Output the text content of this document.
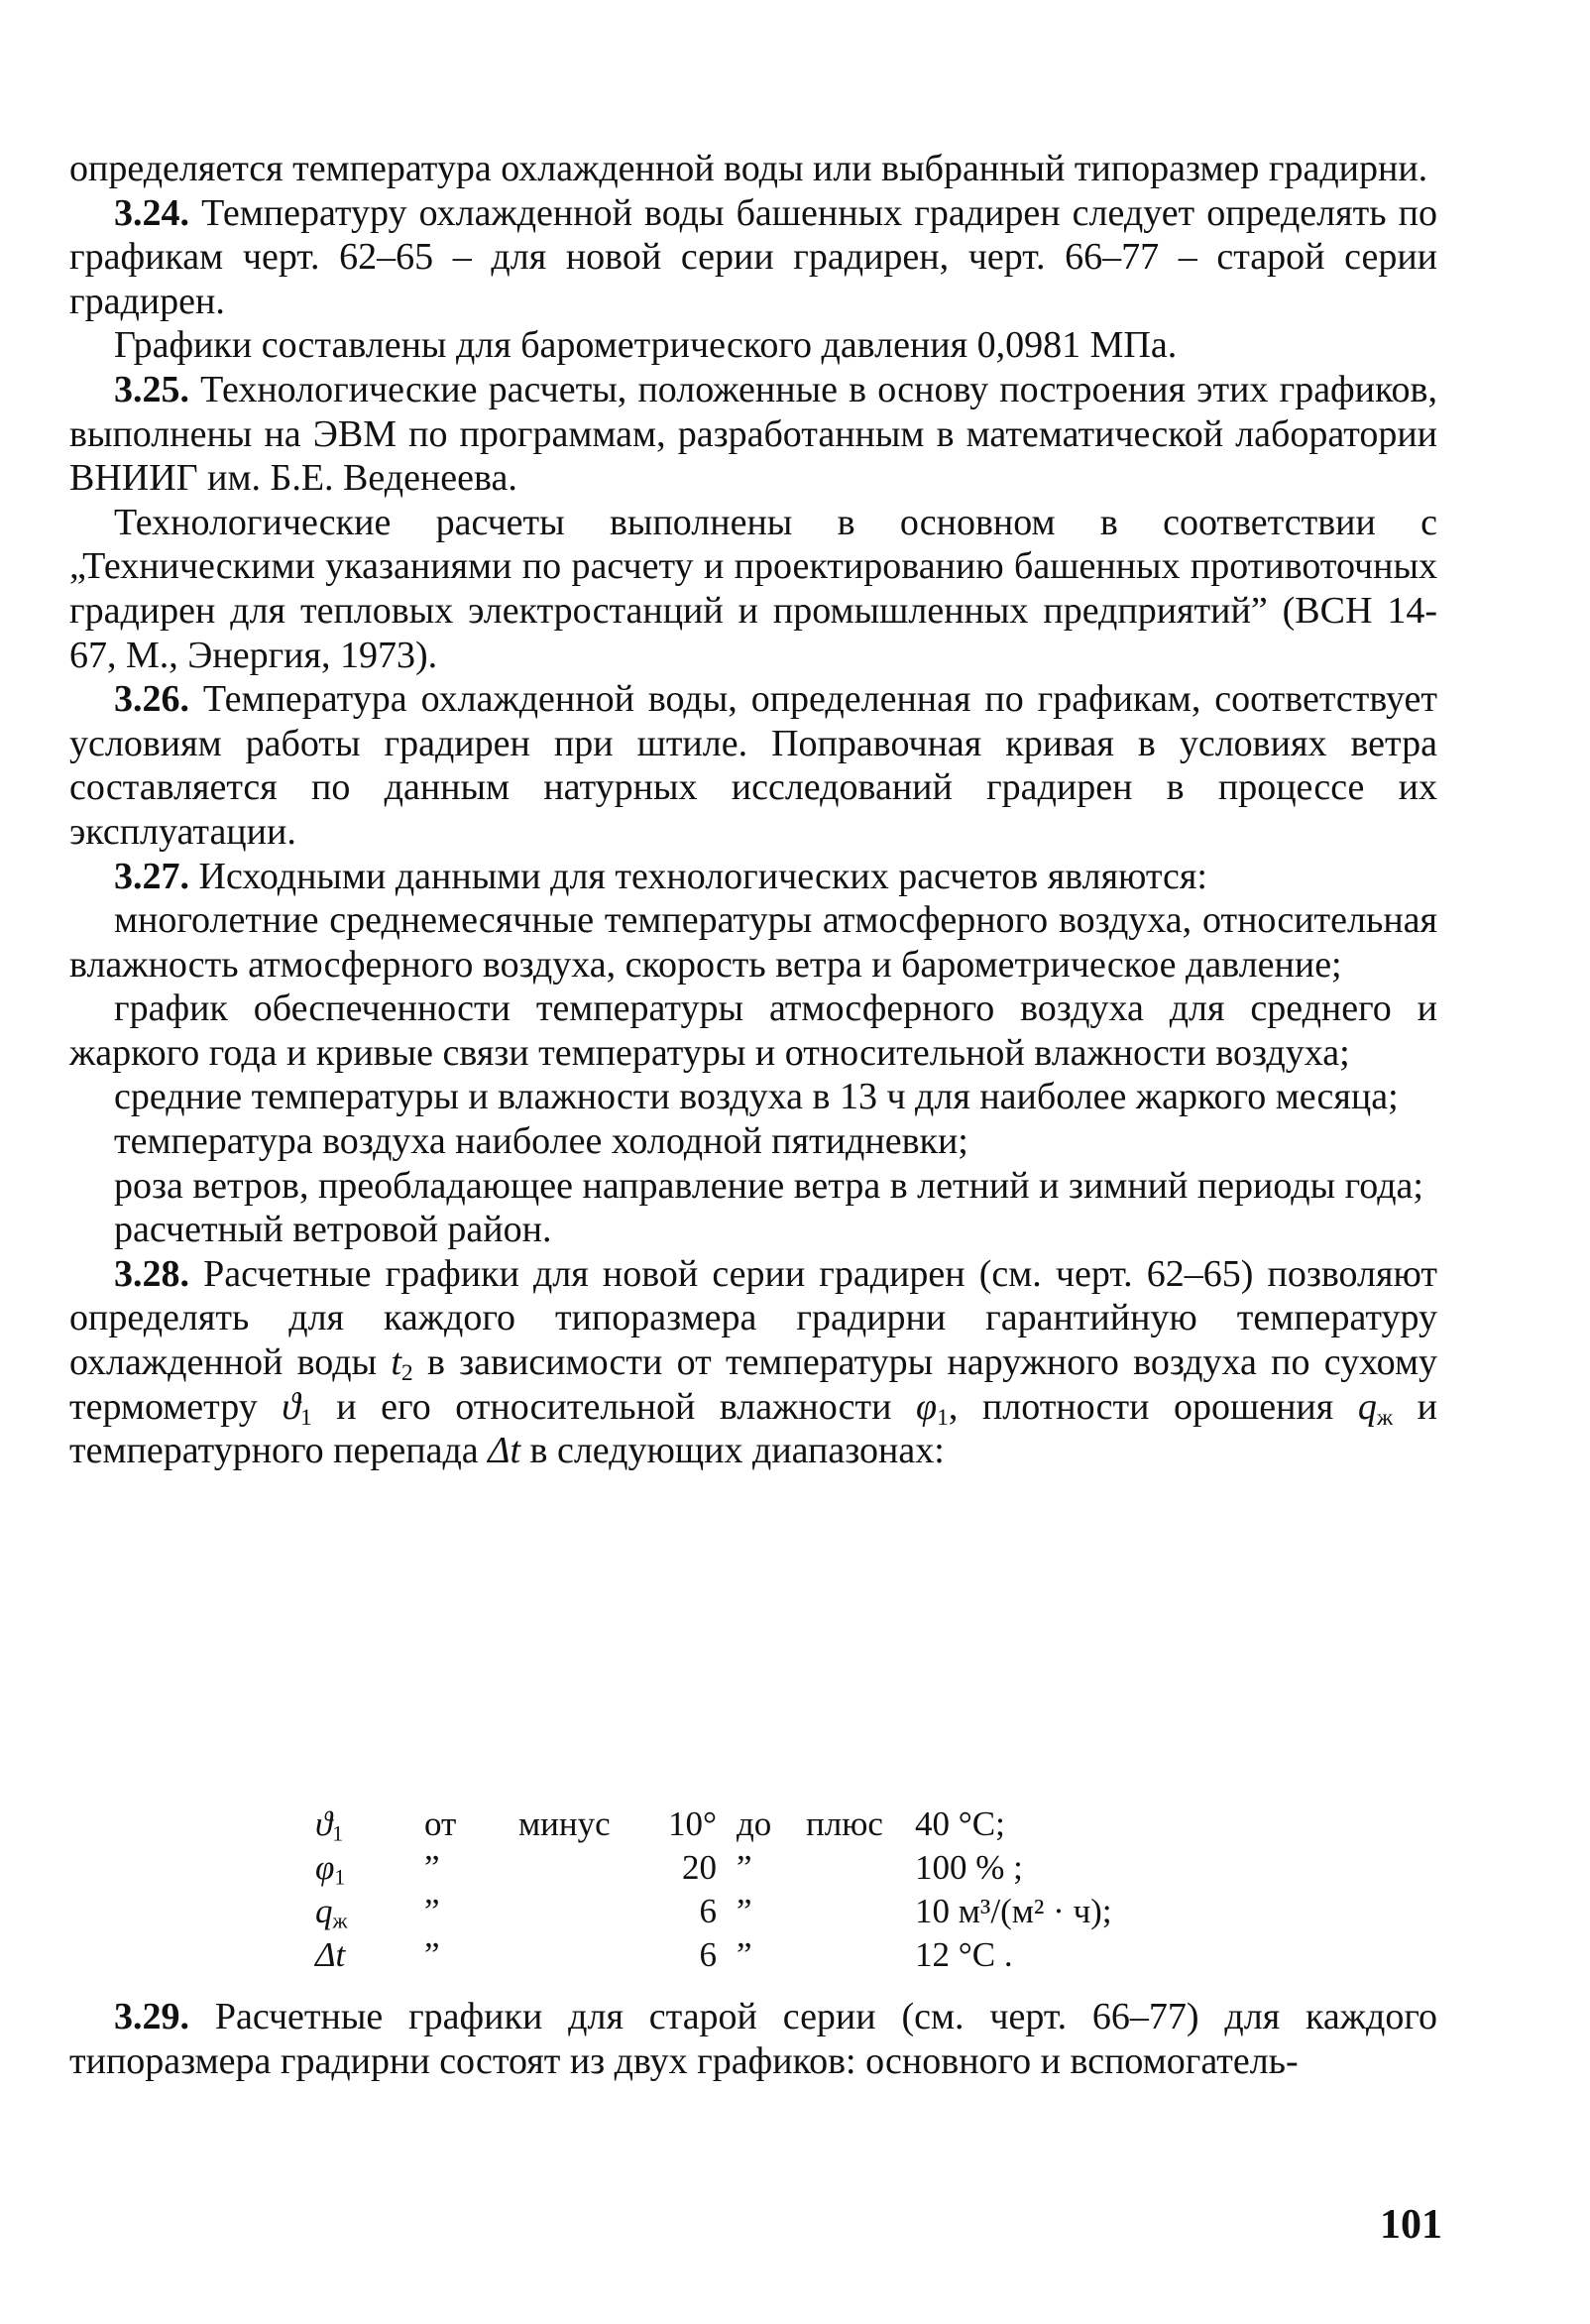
определяется температура охлажденной воды или выбранный типоразмер градирни.

3.24. Температуру охлажденной воды башенных градирен следует определять по графикам черт. 62–65 – для новой серии градирен, черт. 66–77 – старой серии градирен.

Графики составлены для барометрического давления 0,0981 МПа.

3.25. Технологические расчеты, положенные в основу построения этих графиков, выполнены на ЭВМ по программам, разработанным в математической лаборатории ВНИИГ им. Б.Е. Веденеева.

Технологические расчеты выполнены в основном в соответствии с „Техническими указаниями по расчету и проектированию башенных противоточных градирен для тепловых электростанций и промышленных предприятий” (ВСН 14-67, М., Энергия, 1973).

3.26. Температура охлажденной воды, определенная по графикам, соответствует условиям работы градирен при штиле. Поправочная кривая в условиях ветра составляется по данным натурных исследований градирен в процессе их эксплуатации.

3.27. Исходными данными для технологических расчетов являются:

многолетние среднемесячные температуры атмосферного воздуха, относительная влажность атмосферного воздуха, скорость ветра и барометрическое давление;

график обеспеченности температуры атмосферного воздуха для среднего и жаркого года и кривые связи температуры и относительной влажности воздуха;

средние температуры и влажности воздуха в 13 ч для наиболее жаркого месяца;

температура воздуха наиболее холодной пятидневки;

роза ветров, преобладающее направление ветра в летний и зимний периоды года;

расчетный ветровой район.

3.28. Расчетные графики для новой серии градирен (см. черт. 62–65) позволяют определять для каждого типоразмера градирни гарантийную температуру охлажденной воды $t_2$ в зависимости от температуры наружного воздуха по сухому термометру $ϑ_1$ и его относительной влажности $\varphi_1$, плотности орошения $q_ж$ и температурного перепада Δt в следующих диапазонах:

$ϑ_1$	от	минус	10°	до	плюс	40 °C;
$\varphi_1$	”		20	”		100 % ;
$q_ж$	”		6	”		10 м³/(м² · ч);
Δt	”		6	”		12 °C .

3.29. Расчетные графики для старой серии (см. черт. 66–77) для каждого типоразмера градирни состоят из двух графиков: основного и вспомогатель-

101
